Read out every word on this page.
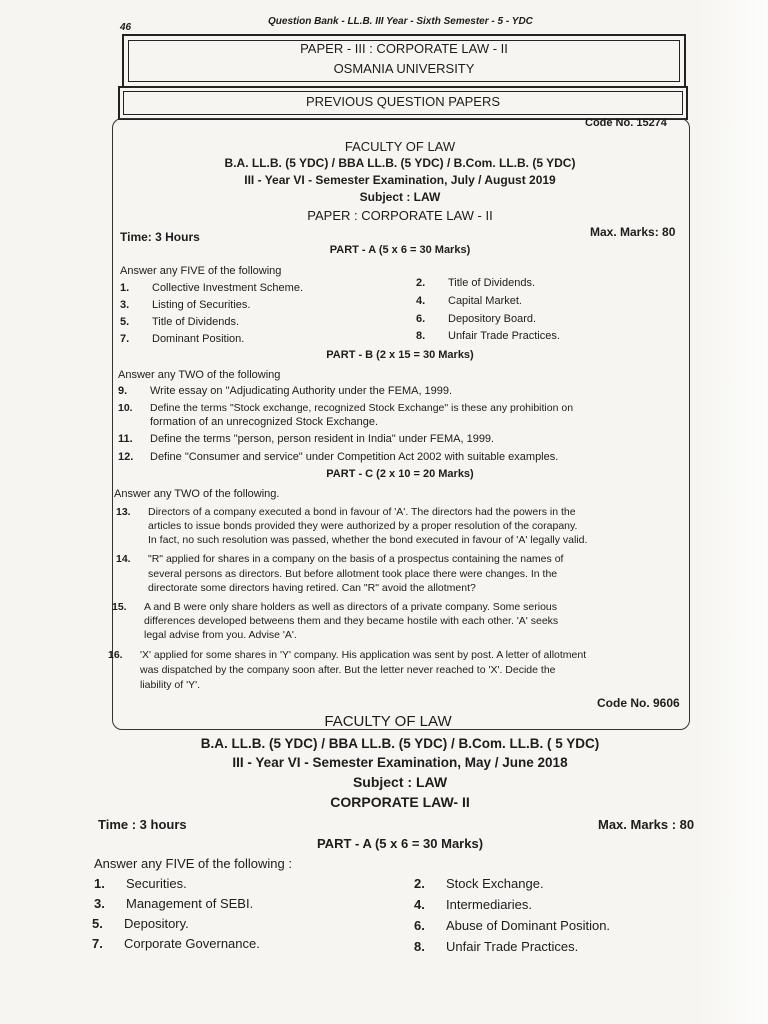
46
Question Bank - LL.B. III Year - Sixth Semester - 5 - YDC
PAPER - III : CORPORATE LAW - II
OSMANIA UNIVERSITY
PREVIOUS QUESTION PAPERS
Code No. 15274
FACULTY OF LAW
B.A. LL.B. (5 YDC) / BBA LL.B. (5 YDC) / B.Com. LL.B. (5 YDC)
III - Year VI - Semester Examination, July / August 2019
Subject : LAW
PAPER : CORPORATE LAW - II
Time: 3 Hours	Max. Marks: 80
PART - A (5 x 6 = 30 Marks)
Answer any FIVE of the following
1. Collective Investment Scheme.
3. Listing of Securities.
5. Title of Dividends.
7. Dominant Position.
2. Title of Dividends.
4. Capital Market.
6. Depository Board.
8. Unfair Trade Practices.
PART - B (2 x 15 = 30 Marks)
Answer any TWO of the following
9. Write essay on "Adjudicating Authority under the FEMA, 1999.
10. Define the terms "Stock exchange, recognized Stock Exchange" is these any prohibition on
formation of an unrecognized Stock Exchange.
11. Define the terms "person, person resident in India" under FEMA, 1999.
12. Define "Consumer and service" under Competition Act 2002 with suitable examples.
PART - C (2 x 10 = 20 Marks)
Answer any TWO of the following.
13. Directors of a company executed a bond in favour of 'A'. The directors had the powers in the
articles to issue bonds provided they were authorized by a proper resolution of the corapany.
In fact, no such resolution was passed, whether the bond executed in favour of 'A' legally valid.
14. "R" applied for shares in a company on the basis of a prospectus containing the names of
several persons as directors. But before allotment took place there were changes. In the
directorate some directors having retired. Can "R" avoid the allotment?
15. A and B were only share holders as well as directors of a private company. Some serious
differences developed betweens them and they became hostile with each other. 'A' seeks
legal advise from you. Advise 'A'.
16. 'X' applied for some shares in 'Y' company. His application was sent by post. A letter of allotment
was dispatched by the company soon after. But the letter never reached to 'X'. Decide the
liability of 'Y'.
Code No. 9606
FACULTY OF LAW
B.A. LL.B. (5 YDC) / BBA LL.B. (5 YDC) / B.Com. LL.B. ( 5 YDC)
III - Year VI - Semester Examination, May / June 2018
Subject : LAW
CORPORATE LAW- II
Time : 3 hours	Max. Marks : 80
PART - A (5 x 6 = 30 Marks)
Answer any FIVE of the following :
1. Securities.
3. Management of SEBI.
5. Depository.
7. Corporate Governance.
2. Stock Exchange.
4. Intermediaries.
6. Abuse of Dominant Position.
8. Unfair Trade Practices.
